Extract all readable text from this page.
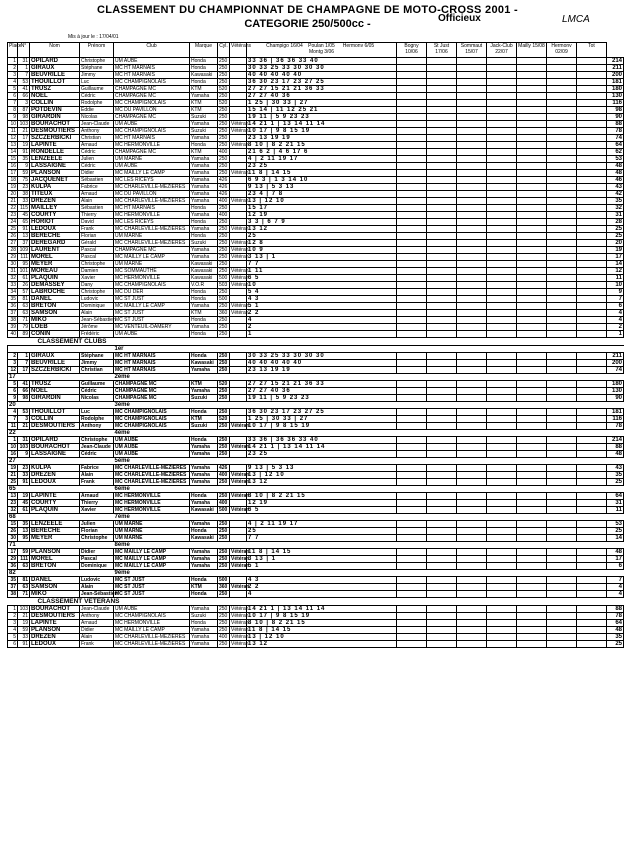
CLASSEMENT DU CHAMPIONNAT DE CHAMPAGNE DE MOTO-CROSS 2001 -
CATEGORIE 250/500cc -	Officieux	LMCA
Mis à jour le : 17/04/01
Place	N°	Nom	Prénom	Club	Marque	Cyl.	Vétérans	Champigo 16/04 Poulan 1/05 Hermonv 6/05Montg 3/06	Bogny 10/06	St Just 17/06	Sommaut 15/07	Jack-Club 22/07	Mailly 15/08	Hermonv 02/09	Tot	
1	31	OPILARD	Christophe	UM AUBE	Honda	250		33 36 | 36 36 33 40								214
2	1	GIRAUX	Stéphane	MC HT MARNAIS	Honda	250		30 33 25 33 30 30 30								211
3	7	BEUVRILLE	Jimmy	MC HT MARNAIS	Kawasaki	250		40 40 40 40 40								200
4	53	THOUILLOT	Luc	MC CHAMPIGNOLAIS	Honda	250		36 30 23 17 23 27 25								181
5	41	TRUSZ	Guillaume	CHAMPAGNE MC	KTM	520		27 27 15 21 21 36 33								180
6	66	NOEL	Cédric	CHAMPAGNE MC	Yamaha	250		27 27 40 36								130
7	3	COLLIN	Rodolphe	MC CHAMPIGNOLAIS	KTM	520		1 25 | 30 33 | 27								116
8	87	POTDEVIN	Eddie	MC DU PAVILLON	KTM	250		15 14 | 11 12 25 21								98
9	98	GIRARDIN	Nicolas	CHAMPAGNE MC	Suzuki	250		19 11 | 5 9 23 23								90
10	103	BOURACHOT	Jean-Claude	UM AUBE	Yamaha	250	Vétéran	14 21 1 | 13 14 11 14								88
11	21	DESMOUTIERS	Anthony	MC CHAMPIGNOLAIS	Suzuki	250	Vétéran	10 17 | 9 8 15 19								78
12	17	SZCZERBICKI	Christian	MC HT MARNAIS	Yamaha	250		23 13 19 19								74
13	19	LAPINTE	Arnaud	MC HERMONVILLE	Honda	250	Vétéran	8 10 | 8 2 21 15								64
14	91	RONDELLE	Cédric	CHAMPAGNE MC	KTM	400		21 6 2 | 4 6 17 6								62
15	35	LENZEELE	Julien	UM MARNE	Yamaha	250		4 | 2 11 19 17								53
16	9	LASSAIGNE	Cédric	UM AUBE	Yamaha	250		23 25								48
17	59	PLANSON	Didier	MC MAILLY LE CAMP	Yamaha	250	Vétéran	11 8 | 14 15								48
18	75	JACQUENET	Sébastien	MC LES RICEYS	Yamaha	426		6 9 3 | 1 3 14 10								46
19	23	KULPA	Fabrice	MC CHARLEVILLE-MEZIERES	Yamaha	426		9 13 | 5 3 13								43
20	38	TITEUX	Arnaud	MC DU PAVILLON	Yamaha	426		23 4 | 7 8								42
21	33	DREZEN	Alain	MC CHARLEVILLE-MEZIERES	Yamaha	400	Vétéran	13 | 12 10								35
22	115	MAILLEY	Sébastien	MC HT MARNAIS	Honda	250		15 17								32
23	45	COURTY	Thierry	MC HERMONVILLE	Yamaha	400		12 19								31
24	65	HORIOT	David	MC LES RICEYS	Honda	250		3 3 | 6 7 9								28
25	91	LEDOUX	Frank	MC CHARLEVILLE-MEZIERES	Yamaha	250	Vétéran	13 12								25
26	13	BERECHE	Florian	UM MARNE	Honda	250		25								25
27	37	DEREGARD	Gérald	MC CHARLEVILLE-MEZIERES	Suzuki	250	Vétéran	12 8								20
28	109	LAURENT	Pascal	CHAMPAGNE MC	Yamaha	250	Vétéran	10 9								19
29	111	MOREL	Pascal	MC MAILLY LE CAMP	Yamaha	250	Vétéran	3 13 | 1								17
30	95	MEYER	Christophe	UM MARNE	Kawasaki	250		7 7								14
31	101	MOREAU	Damien	MC SOMMAUTHE	Kawasaki	250	Vétéran	1 11								12
32	61	PLAQUIN	Xavier	MC HERMONVILLE	Kawasaki	500	Vétéran	6 5								11
33	26	DEMASSEY	Dany	MC CHAMPIGNOLAIS	V.O.R	503	Vétéran	10								10
34	57	LABROCHE	Christophe	MC DU DER	Honda	250		5 4								9
35	81	DANEL	Ludovic	MC ST JUST	Honda	500		4 3								7
36	63	BRETON	Dominique	MC MAILLY LE CAMP	Yamaha	250	Vétéran	5 1								6
37	63	SAMSON	Alain	MC ST JUST	KTM	360	Vétéran	2 2								4
38	71	MIKO	Jean-Sébastien	MC ST JUST	Honda	250		4								4
39	79	LOEB	Jérôme	MC VENTEUIL-DAMERY	Yamaha	250		2								2
40	89	CONIN	Frédéric	UM AUBE	Honda	250		1								1
CLASSEMENT CLUBS																
				1er												
2	1	GIRAUX	Stéphane	MC HT MARNAIS	Honda	250		30 33 25 33 30 30 30								211
3	7	BEUVRILLE	Jimmy	MC HT MARNAIS	Kawasaki	250		40 40 40 40 40								200
12	17	SZCZERBICKI	Christian	MC HT MARNAIS	Yamaha	250		23 13 19 19								74
17				2ème												
5	41	TRUSZ	Guillaume	CHAMPAGNE MC	KTM	520		27 27 15 21 21 36 33								180
6	66	NOEL	Cédric	CHAMPAGNE MC	Yamaha	250		27 27 40 36								130
9	98	GIRARDIN	Nicolas	CHAMPAGNE MC	Suzuki	250		19 11 | 5 9 23 23								90
20				3ème												
4	53	THOUILLOT	Luc	MC CHAMPIGNOLAIS	Honda	250		36 30 23 17 23 27 25								181
7	3	COLLIN	Rodolphe	MC CHAMPIGNOLAIS	KTM	520		1 25 | 30 33 | 27								116
11	21	DESMOUTIERS	Anthony	MC CHAMPIGNOLAIS	Suzuki	250	Vétéran	10 17 | 9 8 15 19								78
22				4ème												
1	31	OPILARD	Christophe	UM AUBE	Honda	250		33 36 | 36 36 33 40								214
10	103	BOURACHOT	Jean-Claude	UM AUBE	Yamaha	250	Vétéran	14 21 1 | 13 14 11 14								88
16	9	LASSAIGNE	Cédric	UM AUBE	Yamaha	250		23 25								48
27				5ème												
19	23	KULPA	Fabrice	MC CHARLEVILLE-MEZIERES	Yamaha	426		9 13 | 5 3 13								43
21	33	DREZEN	Alain	MC CHARLEVILLE-MEZIERES	Yamaha	400	Vétéran	13 | 12 10								35
25	91	LEDOUX	Frank	MC CHARLEVILLE-MEZIERES	Yamaha	250	Vétéran	13 12								25
65				6ème												
13	19	LAPINTE	Arnaud	MC HERMONVILLE	Honda	250	Vétéran	8 10 | 8 2 21 15								64
23	45	COURTY	Thierry	MC HERMONVILLE	Yamaha	400		12 19								31
32	61	PLAQUIN	Xavier	MC HERMONVILLE	Kawasaki	500	Vétéran	6 5								11
68				7ème												
15	35	LENZEELE	Julien	UM MARNE	Yamaha	250		4 | 2 11 19 17								53
26	13	BERECHE	Florian	UM MARNE	Honda	250		25								25
30	95	MEYER	Christophe	UM MARNE	Kawasaki	250		7 7								14
71				8ème												
17	59	PLANSON	Didier	MC MAILLY LE CAMP	Yamaha	250	Vétéran	11 8 | 14 15								48
29	111	MOREL	Pascal	MC MAILLY LE CAMP	Yamaha	250	Vétéran	3 13 | 1								17
36	63	BRETON	Dominique	MC MAILLY LE CAMP	Yamaha	250	Vétéran	5 1								6
82				9ème												
35	81	DANEL	Ludovic	MC ST JUST	Honda	500		4 3								7
37	63	SAMSON	Alain	MC ST JUST	KTM	360	Vétéran	2 2								4
38	71	MIKO	Jean-Sébastien	MC ST JUST	Honda	250		4								4
CLASSEMENT VETERANS																
1	103	BOURACHOT	Jean-Claude	UM AUBE	Yamaha	250	Vétéran	14 21 1 | 13 14 11 14								88
2	21	DESMOUTIERS	Anthony	MC CHAMPIGNOLAIS	Suzuki	250	Vétéran	10 17 | 9 8 15 19								78
3	19	LAPINTE	Arnaud	MC HERMONVILLE	Honda	250	Vétéran	8 10 | 8 2 21 15								64
4	59	PLANSON	Didier	MC MAILLY LE CAMP	Yamaha	250	Vétéran	11 8 | 14 15								48
5	33	DREZEN	Alain	MC CHARLEVILLE-MEZIERES	Yamaha	400	Vétéran	13 | 12 10								35
6	91	LEDOUX	Frank	MC CHARLEVILLE-MEZIERES	Yamaha	250	Vétéran	13 12								25
